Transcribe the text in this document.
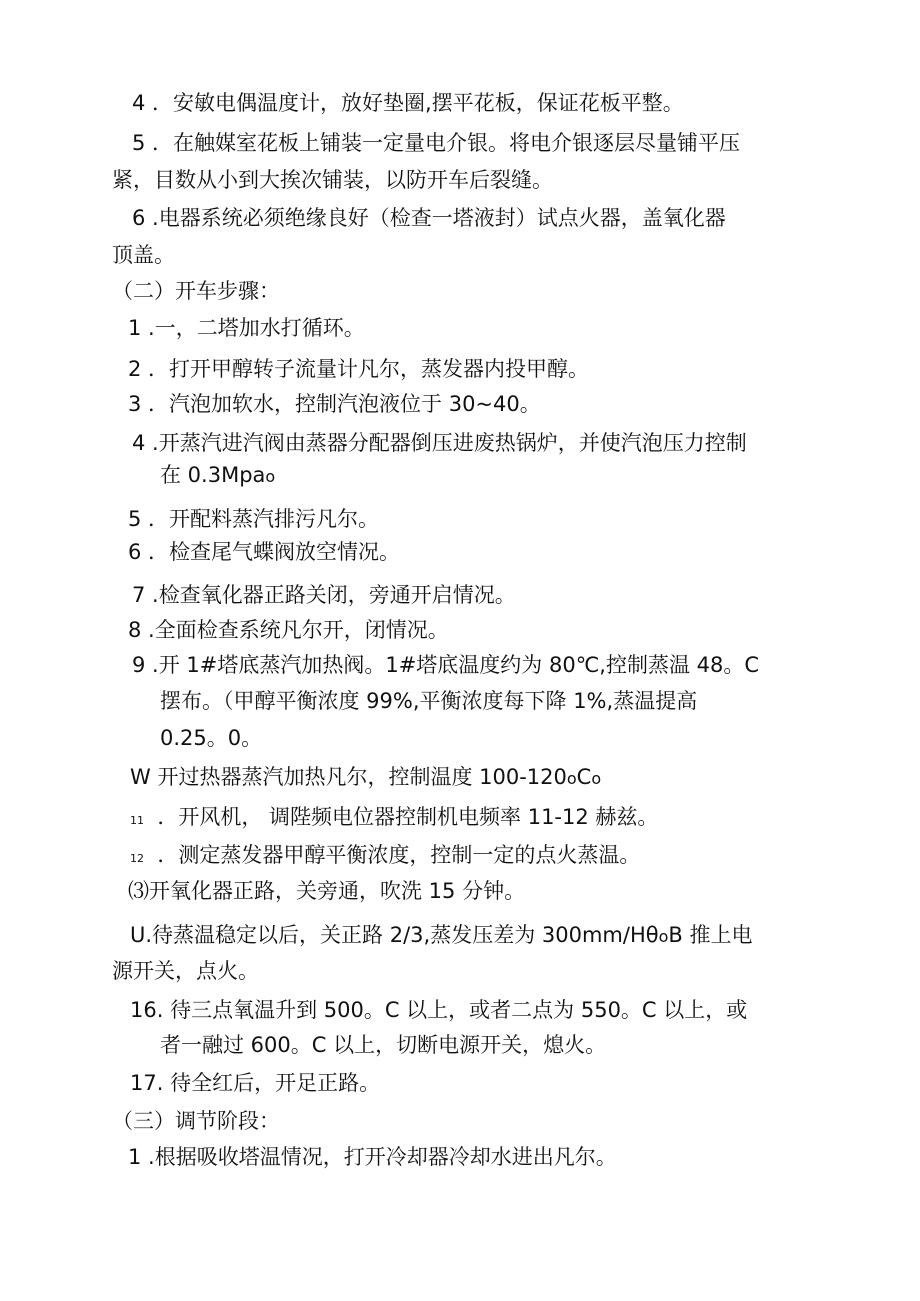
4 ．安敏电偶温度计，放好垫圈,摆平花板，保证花板平整。
5 ．在触媒室花板上铺装一定量电介银。将电介银逐层尽量铺平压
紧，目数从小到大挨次铺装，以防开车后裂缝。
6 .电器系统必须绝缘良好（检查一塔液封）试点火器，盖氧化器
顶盖。
（二）开车步骤：
1 .一，二塔加水打循环。
2 ．打开甲醇转子流量计凡尔，蒸发器内投甲醇。
3 ．汽泡加软水，控制汽泡液位于 30~40。
4 .开蒸汽进汽阀由蒸器分配器倒压进废热锅炉，并使汽泡压力控制
在 0.3Mpao
5 ．开配料蒸汽排污凡尔。
6 ．检查尾气蝶阀放空情况。
7 .检查氧化器正路关闭，旁通开启情况。
8 .全面检查系统凡尔开，闭情况。
9 .开 1#塔底蒸汽加热阀。1#塔底温度约为 80℃,控制蒸温 48。C
摆布。（甲醇平衡浓度 99%,平衡浓度每下降 1%,蒸温提高
0.25。0。
W 开过热器蒸汽加热凡尔，控制温度 100-120oCo
11 ．开风机， 调陛频电位器控制机电频率 11-12 赫兹。
12 ．测定蒸发器甲醇平衡浓度，控制一定的点火蒸温。
⑶开氧化器正路，关旁通，吹洗 15 分钟。
U.待蒸温稳定以后，关正路 2/3,蒸发压差为 300mm∕HθoB 推上电
源开关，点火。
16. 待三点氧温升到 500。C 以上，或者二点为 550。C 以上，或
者一融过 600。C 以上，切断电源开关，熄火。
17. 待全红后，开足正路。
（三）调节阶段：
1 .根据吸收塔温情况，打开冷却器冷却水进出凡尔。
